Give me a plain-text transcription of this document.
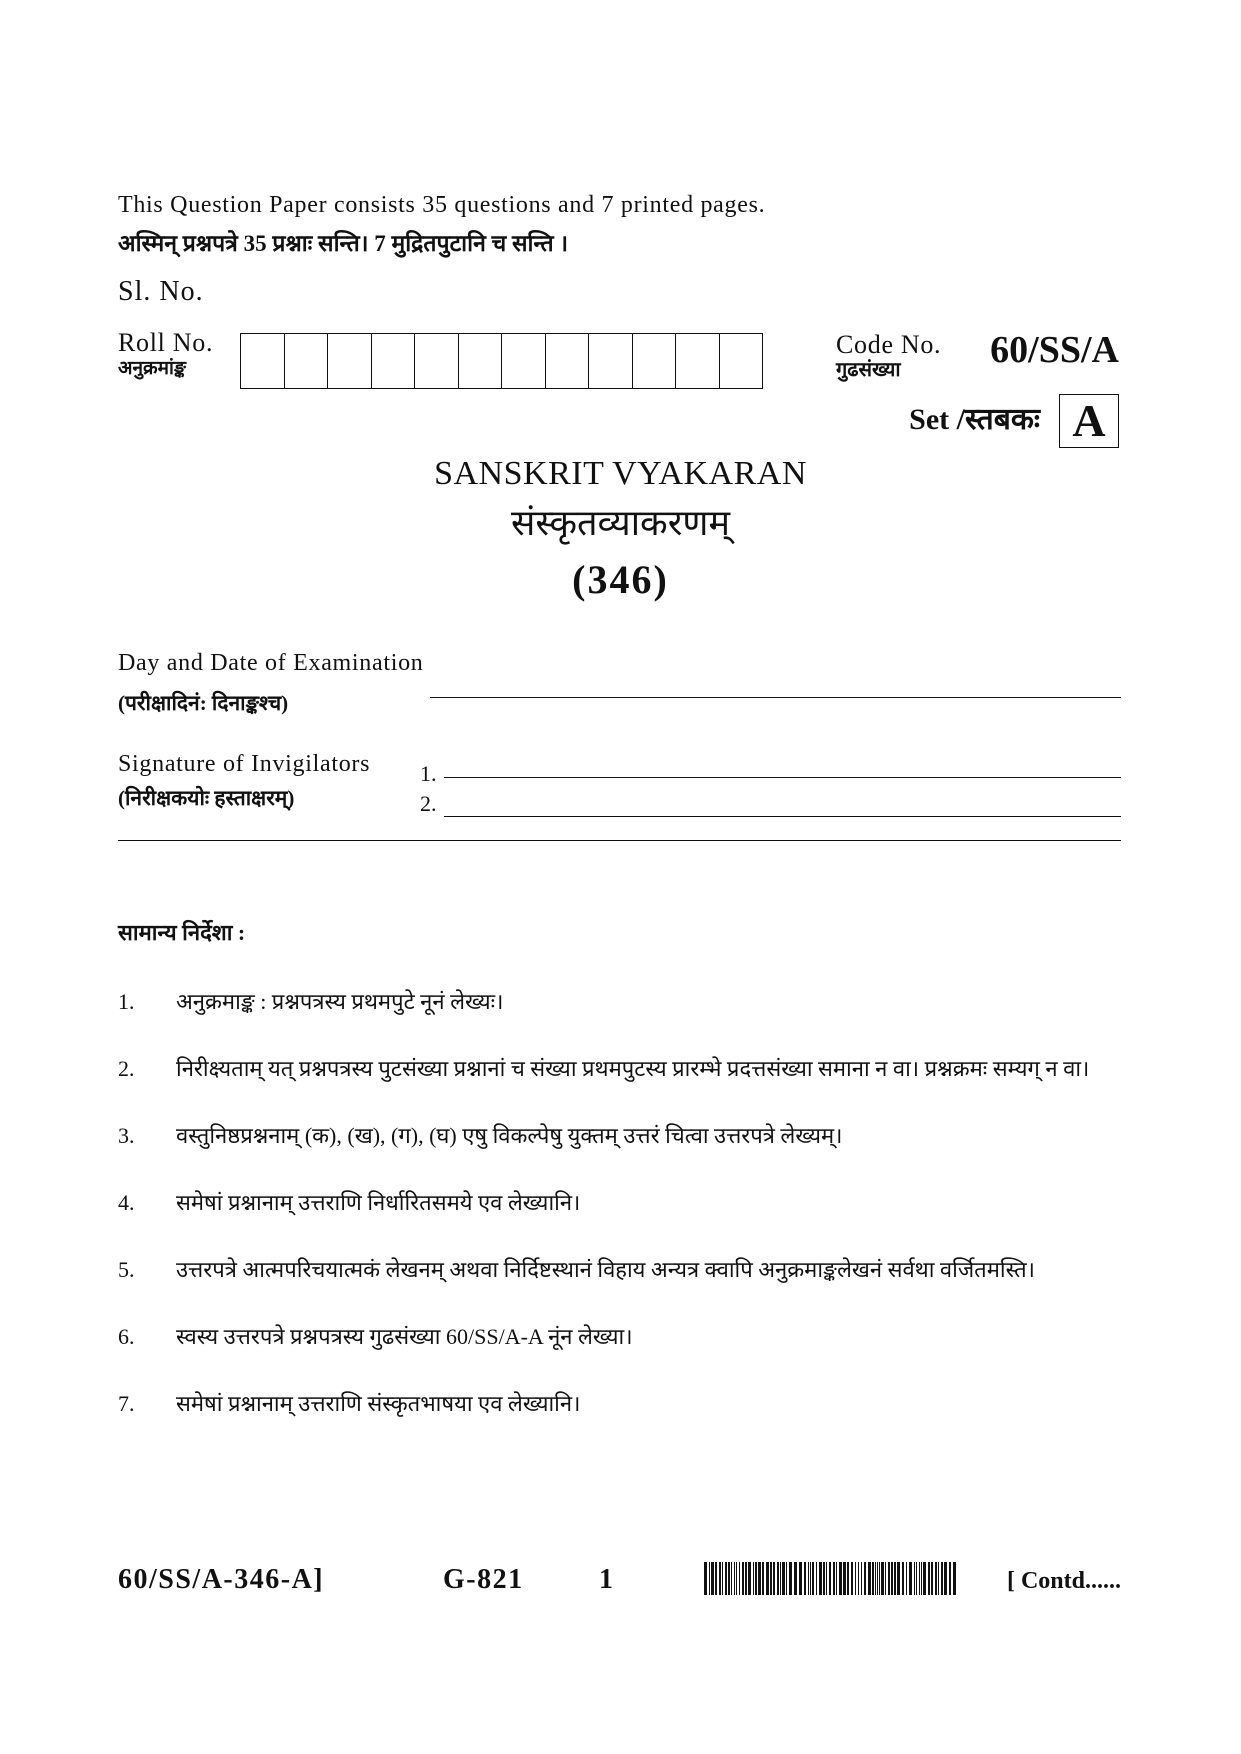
This Question Paper consists 35 questions and 7 printed pages.
अस्मिन् प्रश्नपत्रे 35 प्रश्नाः सन्ति। 7 मुद्रितपुटानि च सन्ति ।
Sl. No.
Roll No.
अनुक्रमांङ्क
Code No.
गुढसंख्या 60/SS/A
Set /स्तबकः A
SANSKRIT VYAKARAN
संस्कृतव्याकरणम्
(346)
Day and Date of Examination
(परीक्षादिनं: दिनाङ्कश्च)
Signature of Invigilators
(निरीक्षकयोः हस्ताक्षरम्)
1.
2.
सामान्य निर्देशा :
1.	अनुक्रमाङ्क : प्रश्नपत्रस्य प्रथमपुटे नूनं लेख्यः।
2.	निरीक्ष्यताम् यत् प्रश्नपत्रस्य पुटसंख्या प्रश्नानां च संख्या प्रथमपुटस्य प्रारम्भे प्रदत्तसंख्या समाना न वा। प्रश्नक्रमः सम्यग् न वा।
3.	वस्तुनिष्ठप्रश्ननाम् (क), (ख), (ग), (घ) एषु विकल्पेषु युक्तम् उत्तरं चित्वा उत्तरपत्रे लेख्यम्।
4.	समेषां प्रश्नानाम् उत्तराणि निर्धारितसमये एव लेख्यानि।
5.	उत्तरपत्रे आत्मपरिचयात्मकं लेखनम् अथवा निर्दिष्टस्थानं विहाय अन्यत्र क्वापि अनुक्रमाङ्कलेखनं सर्वथा वर्जितमस्ति।
6.	स्वस्य उत्तरपत्रे प्रश्नपत्रस्य गुढसंख्या 60/SS/A-A नूंन लेख्या।
7.	समेषां प्रश्नानाम् उत्तराणि संस्कृतभाषया एव लेख्यानि।
60/SS/A-346-A]	G-821	1	[ Contd......
